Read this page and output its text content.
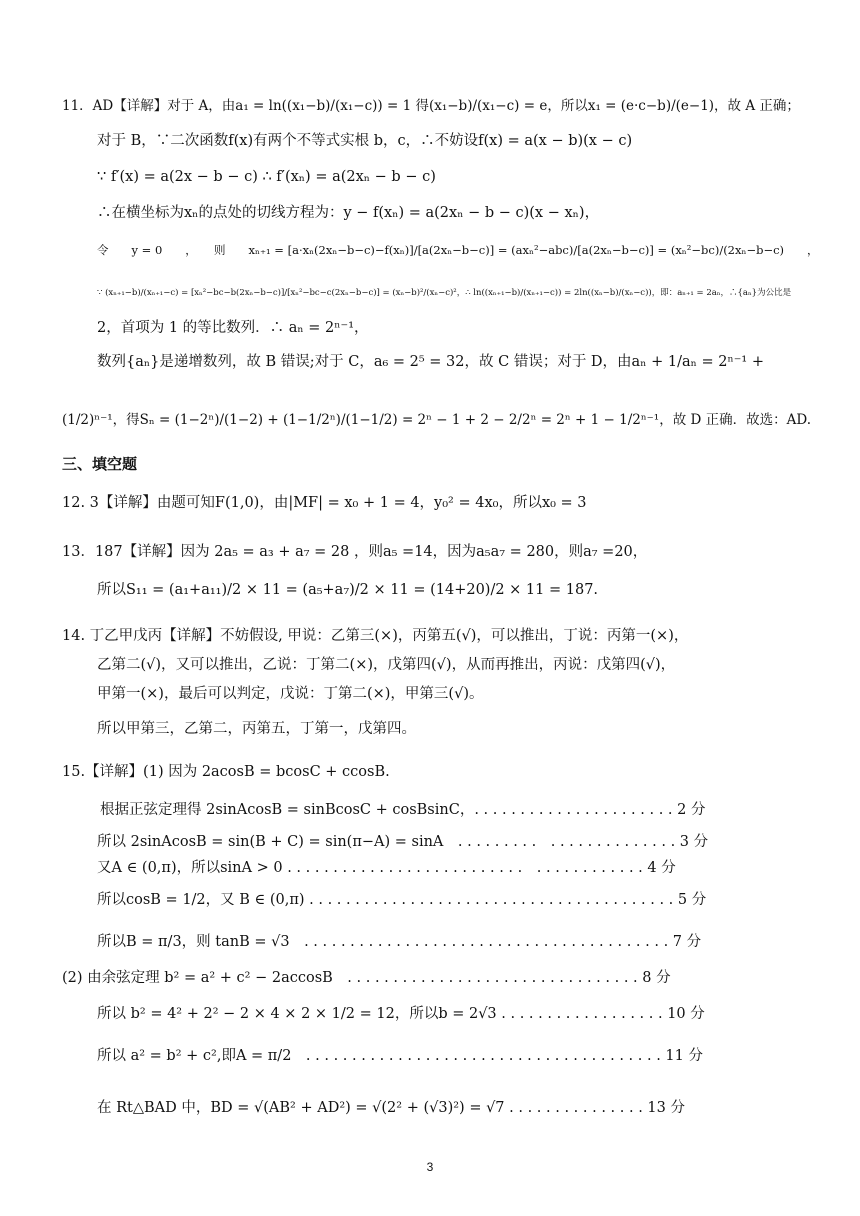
11．AD【详解】对于 A，由a₁ = ln((x₁−b)/(x₁−c)) = 1 得(x₁−b)/(x₁−c) = e，所以x₁ = (e·c−b)/(e−1)，故 A 正确；
对于 B，∵二次函数f(x)有两个不等式实根 b，c，∴不妨设f(x) = a(x − b)(x − c)
∵ f′(x) = a(2x − b − c) ∴ f′(xₙ) = a(2xₙ − b − c)
∴在横坐标为xₙ的点处的切线方程为：y − f(xₙ) = a(2xₙ − b − c)(x − xₙ)，
令　　y = 0　　，　　则　　xₙ₊₁ = [a·xₙ(2xₙ−b−c)−f(xₙ)]/[a(2xₙ−b−c)] = (axₙ²−abc)/[a(2xₙ−b−c)] = (xₙ²−bc)/(2xₙ−b−c)　　，
∵ (xₙ₊₁−b)/(xₙ₊₁−c) = [xₙ²−bc−b(2xₙ−b−c)]/[xₙ²−bc−c(2xₙ−b−c)] = (xₙ−b)²/(xₙ−c)²，∴ ln((xₙ₊₁−b)/(xₙ₊₁−c)) = 2ln((xₙ−b)/(xₙ−c))，即：aₙ₊₁ = 2aₙ，∴{aₙ}为公比是
2，首项为 1 的等比数列．∴ aₙ = 2ⁿ⁻¹，
数列{aₙ}是递增数列，故 B 错误;对于 C，a₆ = 2⁵ = 32，故 C 错误；对于 D，由aₙ + 1/aₙ = 2ⁿ⁻¹ +
(1/2)ⁿ⁻¹，得Sₙ = (1−2ⁿ)/(1−2) + (1−1/2ⁿ)/(1−1/2) = 2ⁿ − 1 + 2 − 2/2ⁿ = 2ⁿ + 1 − 1/2ⁿ⁻¹，故 D 正确．故选：AD.
三、填空题
12. 3【详解】由题可知F(1,0)，由|MF| = x₀ + 1 = 4，y₀² = 4x₀，所以x₀ = 3
13．187【详解】因为 2a₅ = a₃ + a₇ = 28 ，则a₅ =14，因为a₅a₇ = 280，则a₇ =20，
所以S₁₁ = (a₁+a₁₁)/2 × 11 = (a₅+a₇)/2 × 11 = (14+20)/2 × 11 = 187.
14. 丁乙甲戊丙【详解】不妨假设, 甲说：乙第三(×)，丙第五(√)，可以推出，丁说：丙第一(×)，
乙第二(√)，又可以推出，乙说：丁第二(×)，戊第四(√)，从而再推出，丙说：戊第四(√)，
甲第一(×)，最后可以判定，戊说：丁第二(×)，甲第三(√)。
所以甲第三，乙第二，丙第五，丁第一，戊第四。
15.【详解】(1) 因为 2acosB = bcosC + ccosB.
根据正弦定理得 2sinAcosB = sinBcosC + cosBsinC，. . . . . . . . . . . . . . . . . . . . . . 2 分
所以 2sinAcosB = sin(B + C) = sin(π−A) = sinA　. . . . . . . . .　. . . . . . . . . . . . . . 3 分
又A ∈ (0,π)，所以sinA > 0 . . . . . . . . . . . . . . . . . . . . . . . . . .　. . . . . . . . . . . . 4 分
所以cosB = 1/2，又 B ∈ (0,π) . . . . . . . . . . . . . . . . . . . . . . . . . . . . . . . . . . . . . . . . 5 分
所以B = π/3，则 tanB = √3　. . . . . . . . . . . . . . . . . . . . . . . . . . . . . . . . . . . . . . . . 7 分
(2) 由余弦定理 b² = a² + c² − 2accosB　. . . . . . . . . . . . . . . . . . . . . . . . . . . . . . . . 8 分
所以 b² = 4² + 2² − 2 × 4 × 2 × 1/2 = 12，所以b = 2√3 . . . . . . . . . . . . . . . . . . 10 分
所以 a² = b² + c²,即A = π/2　. . . . . . . . . . . . . . . . . . . . . . . . . . . . . . . . . . . . . . . 11 分
在 Rt△BAD 中，BD = √(AB² + AD²) = √(2² + (√3)²) = √7 . . . . . . . . . . . . . . . 13 分
3
